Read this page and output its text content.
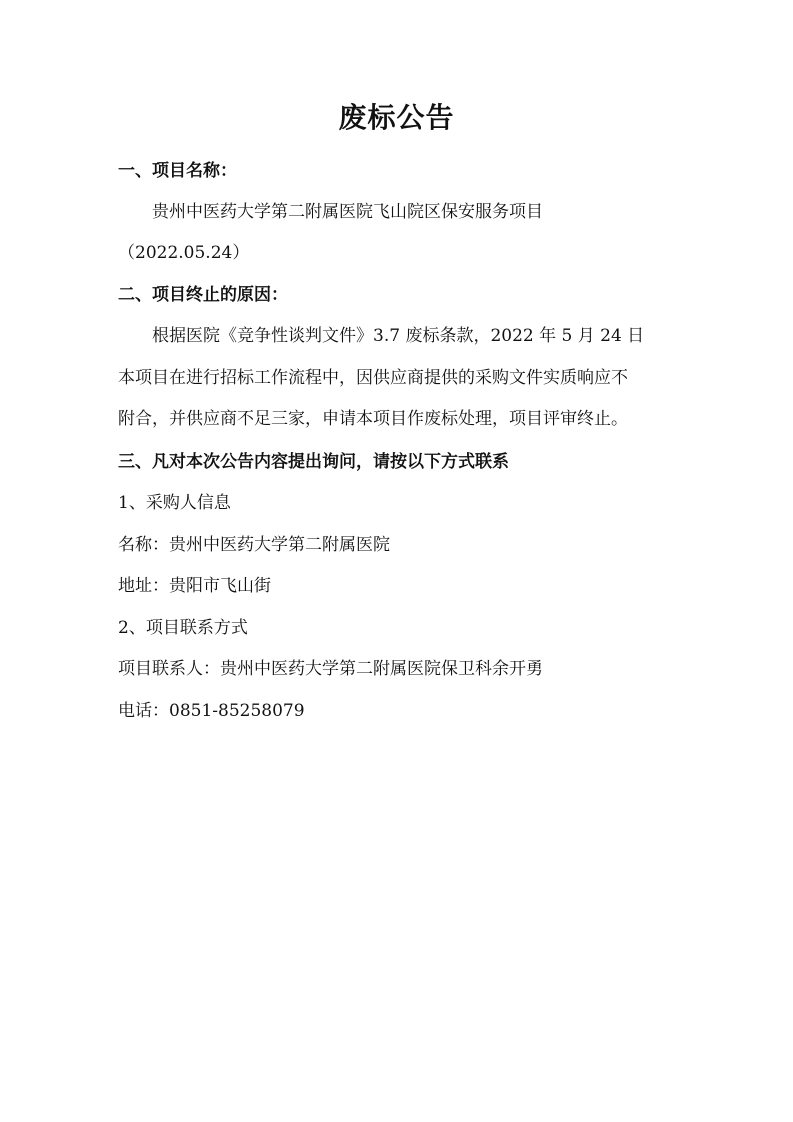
废标公告
一、项目名称：
贵州中医药大学第二附属医院飞山院区保安服务项目
（2022.05.24）
二、项目终止的原因：
根据医院《竞争性谈判文件》3.7 废标条款，2022 年 5 月 24 日
本项目在进行招标工作流程中，因供应商提供的采购文件实质响应不
附合，并供应商不足三家，申请本项目作废标处理，项目评审终止。
三、凡对本次公告内容提出询问，请按以下方式联系
1、采购人信息
名称：贵州中医药大学第二附属医院
地址：贵阳市飞山街
2、项目联系方式
项目联系人：贵州中医药大学第二附属医院保卫科余开勇
电话：0851-85258079
